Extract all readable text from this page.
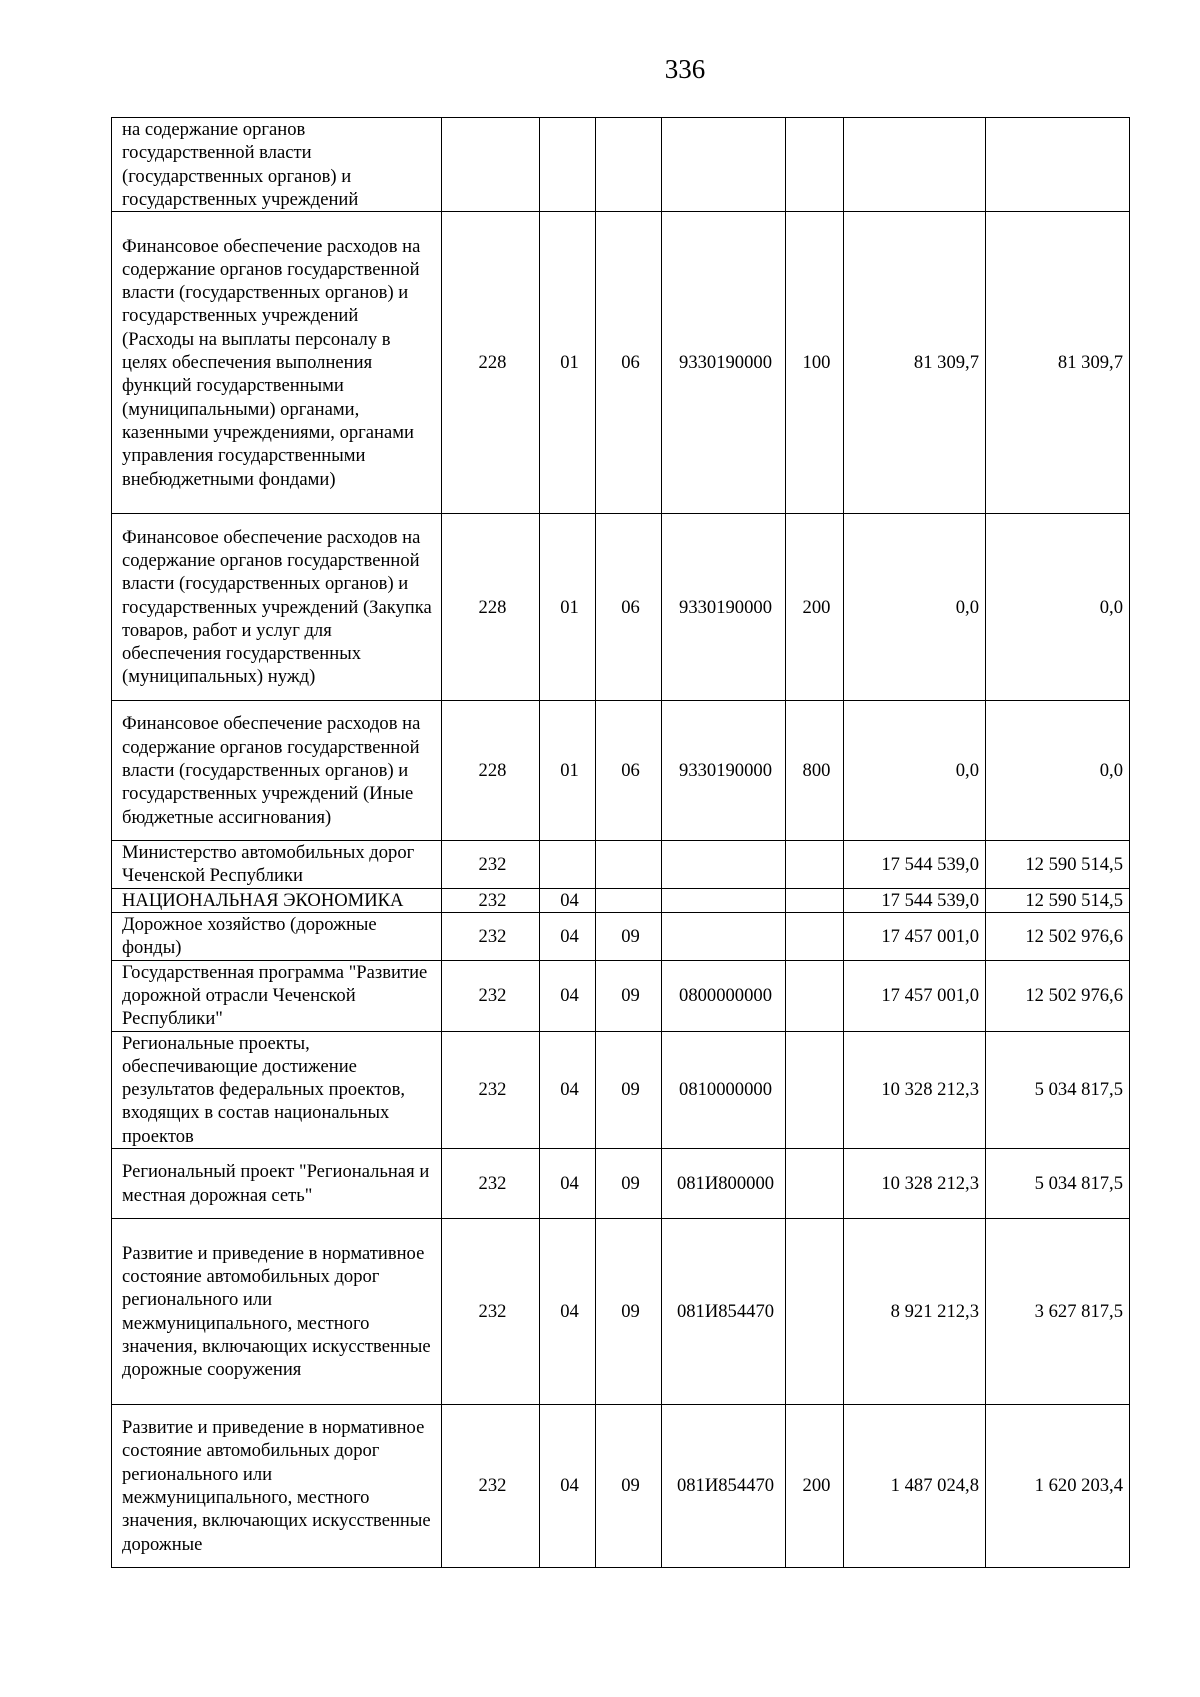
336
на содержание органов государственной власти (государственных органов) и государственных учреждений							
Финансовое обеспечение расходов на содержание органов государственной власти (государственных органов) и государственных учреждений (Расходы на выплаты персоналу в целях обеспечения выполнения функций государственными (муниципальными) органами, казенными учреждениями, органами управления государственными внебюджетными фондами)	228	01	06	9330190000	100	81 309,7	81 309,7
Финансовое обеспечение расходов на содержание органов государственной власти (государственных органов) и государственных учреждений (Закупка товаров, работ и услуг для обеспечения государственных (муниципальных) нужд)	228	01	06	9330190000	200	0,0	0,0
Финансовое обеспечение расходов на содержание органов государственной власти (государственных органов) и государственных учреждений (Иные бюджетные ассигнования)	228	01	06	9330190000	800	0,0	0,0
Министерство автомобильных дорог Чеченской Республики	232					17 544 539,0	12 590 514,5
НАЦИОНАЛЬНАЯ ЭКОНОМИКА	232	04				17 544 539,0	12 590 514,5
Дорожное хозяйство (дорожные фонды)	232	04	09			17 457 001,0	12 502 976,6
Государственная программа "Развитие дорожной отрасли Чеченской Республики"	232	04	09	0800000000		17 457 001,0	12 502 976,6
Региональные проекты, обеспечивающие достижение результатов федеральных проектов, входящих в состав национальных проектов	232	04	09	0810000000		10 328 212,3	5 034 817,5
Региональный проект "Региональная и местная дорожная сеть"	232	04	09	081И800000		10 328 212,3	5 034 817,5
Развитие и приведение в нормативное состояние автомобильных дорог регионального или межмуниципального, местного значения, включающих искусственные дорожные сооружения	232	04	09	081И854470		8 921 212,3	3 627 817,5
Развитие и приведение в нормативное состояние автомобильных дорог регионального или межмуниципального, местного значения, включающих искусственные дорожные	232	04	09	081И854470	200	1 487 024,8	1 620 203,4
